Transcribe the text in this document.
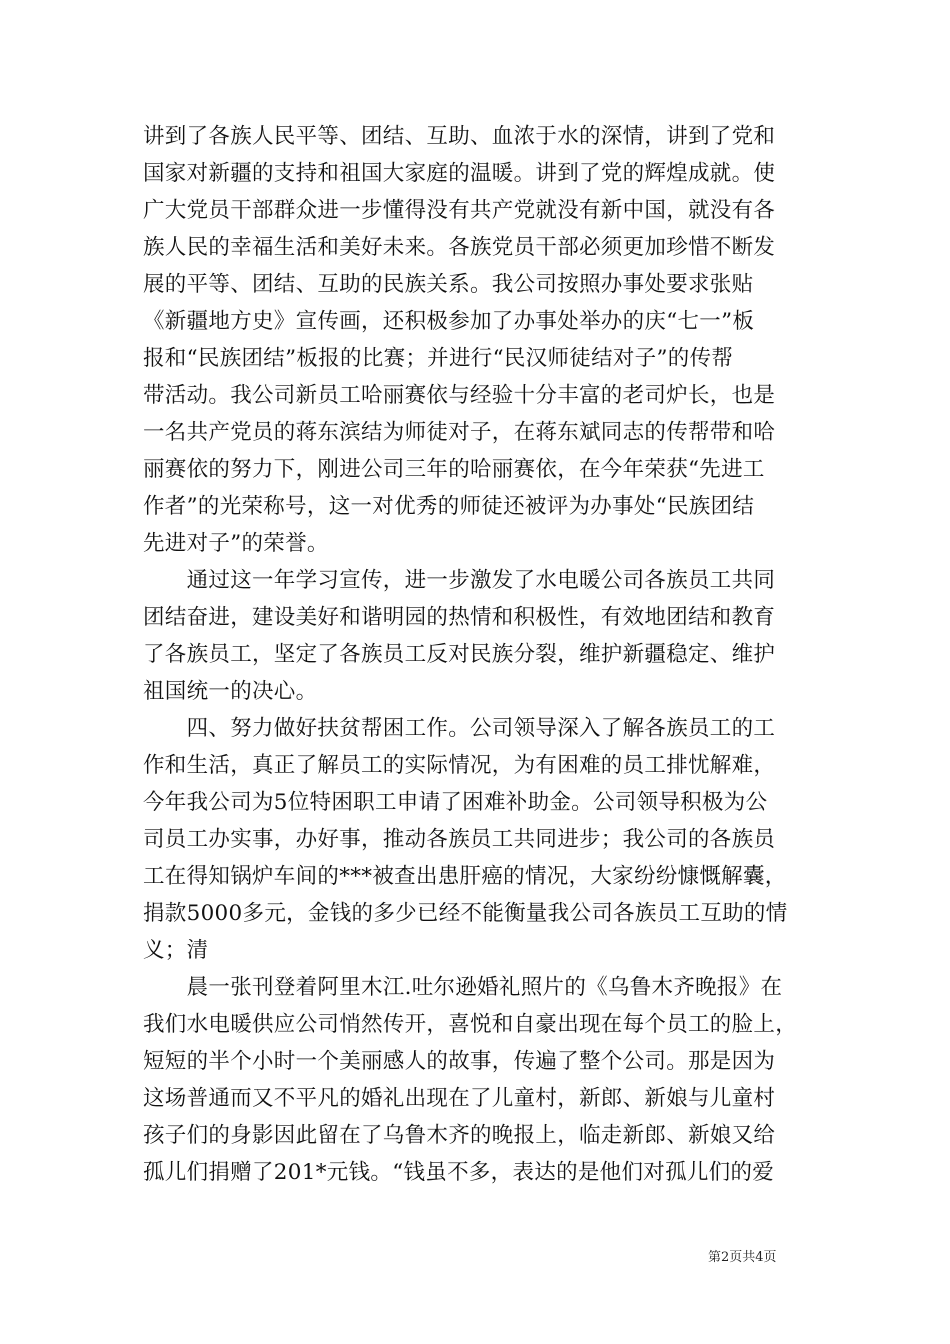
讲到了各族人民平等、团结、互助、血浓于水的深情，讲到了党和
国家对新疆的支持和祖国大家庭的温暖。讲到了党的辉煌成就。使
广大党员干部群众进一步懂得没有共产党就没有新中国，就没有各
族人民的幸福生活和美好未来。各族党员干部必须更加珍惜不断发
展的平等、团结、互助的民族关系。我公司按照办事处要求张贴
《新疆地方史》宣传画，还积极参加了办事处举办的庆“七一”板
报和“民族团结”板报的比赛；并进行“民汉师徒结对子”的传帮
带活动。我公司新员工哈丽赛依与经验十分丰富的老司炉长，也是
一名共产党员的蒋东滨结为师徒对子，在蒋东斌同志的传帮带和哈
丽赛依的努力下，刚进公司三年的哈丽赛依，在今年荣获“先进工
作者”的光荣称号，这一对优秀的师徒还被评为办事处“民族团结
先进对子”的荣誉。
　　通过这一年学习宣传，进一步激发了水电暖公司各族员工共同
团结奋进，建设美好和谐明园的热情和积极性，有效地团结和教育
了各族员工，坚定了各族员工反对民族分裂，维护新疆稳定、维护
祖国统一的决心。
　　四、努力做好扶贫帮困工作。公司领导深入了解各族员工的工
作和生活，真正了解员工的实际情况，为有困难的员工排忧解难，
今年我公司为5位特困职工申请了困难补助金。公司领导积极为公
司员工办实事，办好事，推动各族员工共同进步；我公司的各族员
工在得知锅炉车间的***被查出患肝癌的情况，大家纷纷慷慨解囊，
捐款5000多元，金钱的多少已经不能衡量我公司各族员工互助的情
义；清
　　晨一张刊登着阿里木江.吐尔逊婚礼照片的《乌鲁木齐晚报》在
我们水电暖供应公司悄然传开，喜悦和自豪出现在每个员工的脸上，
短短的半个小时一个美丽感人的故事，传遍了整个公司。那是因为
这场普通而又不平凡的婚礼出现在了儿童村，新郎、新娘与儿童村
孩子们的身影因此留在了乌鲁木齐的晚报上，临走新郎、新娘又给
孤儿们捐赠了201*元钱。“钱虽不多，表达的是他们对孤儿们的爱
第2页共4页
